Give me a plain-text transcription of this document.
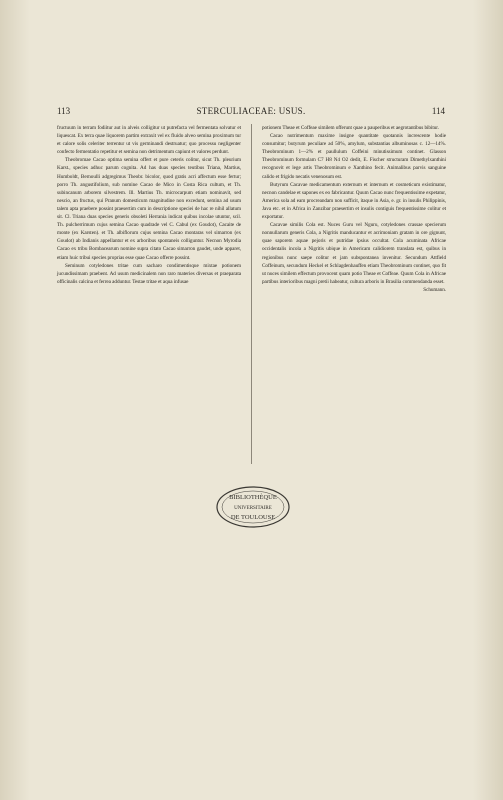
113	STERCULIACEAE: USUS.	114

fructuum in terram fodiitur aut in alveis colligitur ut putrefacta vel fermentata solvatur et liquescat. Ex terra quae liquorem partim extraxit vel ex fluido alveo semina proximum tur et calore solis celeriter terrentur ut vis germinandi destruatur; quo processu negligenter confecto fermentatio repetitur et semina non detrimentum capiunt et valores perdunt.

Theobromae Cacao optima semina offert et pure ceteris colitur, sicut Th. pleurium Karst., species adhuc parum cognita. Ad has duas species teutibus Triana, Martius, Humboldt, Bernoulli adgregimus Theobr. bicolor, quod gratis acri affectum esse fertur; porro Th. angustifolium, sub nomine Cacao de Mico in Costa Rica cultum, et Th. subincanum arborem silvestrem. Ill. Martius Th. microcarpum etiam nominavit, sed nescio, an fructus, qui Pranum domesticum magnitudine non excedunt, semina ad usum talem apta praebere possint praesertim cum in descriptione speciei de hac re nihil allatum sit. Cl. Triana duas species generis obsoleti Herrania indicat quibus incolae utuntur, scil. Th. pulcherrimum cujus semina Cacao quadrade vel C. Cabul (ex Goudot), Cacaite de monte (ex Karsten). et Th. albiflorum cujus semina Cacao montaras vel simarron (ex Goudot) ab Indianis appellantur et ex arboribus spontaneis colliguntur. Necnon Myrodia Cacao ex tribu Bombacearum nomine supra citato Cacao simarron gaudet, unde apparet, etiam huic tribui species proprias esse quae Cacao offerre possint.

Seminum cotyledones tritae cum sacharo condimentisque mixtae potionem jucundissimam praebent. Ad usum medicinalem non raro materies diversas et praeparata officinalis calcina et ferrea adduntur. Testae tritae et aqua infusae

potionem Theae et Coffeae similem offerunt quae a pauperibus et aegrotantibus bibitur.

Cacao nutrimentum maxime insigne quantitate quotannis increscente hodie consumitur; butyrum peculiare ad 50%, amylum, substantias albuminosas c. 12—14%. Theobrominum 1—2% et paullulum Coffeini minutissimum continet. Glasson Theobrominum formulam C7 H8 N4 O2 dedit, E. Fischer structuram Dimethylxanthini recognovit et lege artis Theobrominum e Xanthino fecit. Animalibus parvis sanguine calido et frigido necatis venenosum est.

Butyrum Cacavae medicamentum externum et internum et cosmeticum existimatur, necnon candelae et sapones ex eo fabricantur. Quum Cacao nunc frequentissime expetatur, America sola ad eam procreandam non sufficit, itaque in Asia, e. gr. in insulis Philippinis, Java etc. et in Africa in Zanzibar praesertim et insulis contiguis frequentissime colitur et exportatur.

Cacavae similis Cola est. Nuces Guru vel Nguru, cotyledones crassae specierum nonnullarum generis Cola, a Nigritis manducantur et acrimoniam gratam in ore gignunt, quae saporem aquae pejoris et putridae ipsius occultat. Cola acuminata Africae occidentalis incola a Nigritis ubique in Americam calidiorem translata est, quibus in regionibus nunc saepe colitur et jam subspontanea invenitur. Secundum Attfield Coffeinum, secundum Heckel et Schlagdenhauffen etiam Theobrominum continet, quo fit ut nuces similem effectum provocent quam potio Theae et Coffeae. Quum Cola in Africae partibus interioribus magni pretii habeatur, cultura arboris in Brasilia commendanda esset.

Schumann.

BIBLIOTHÈQUE
UNIVERSITAIRE
DE TOULOUSE
